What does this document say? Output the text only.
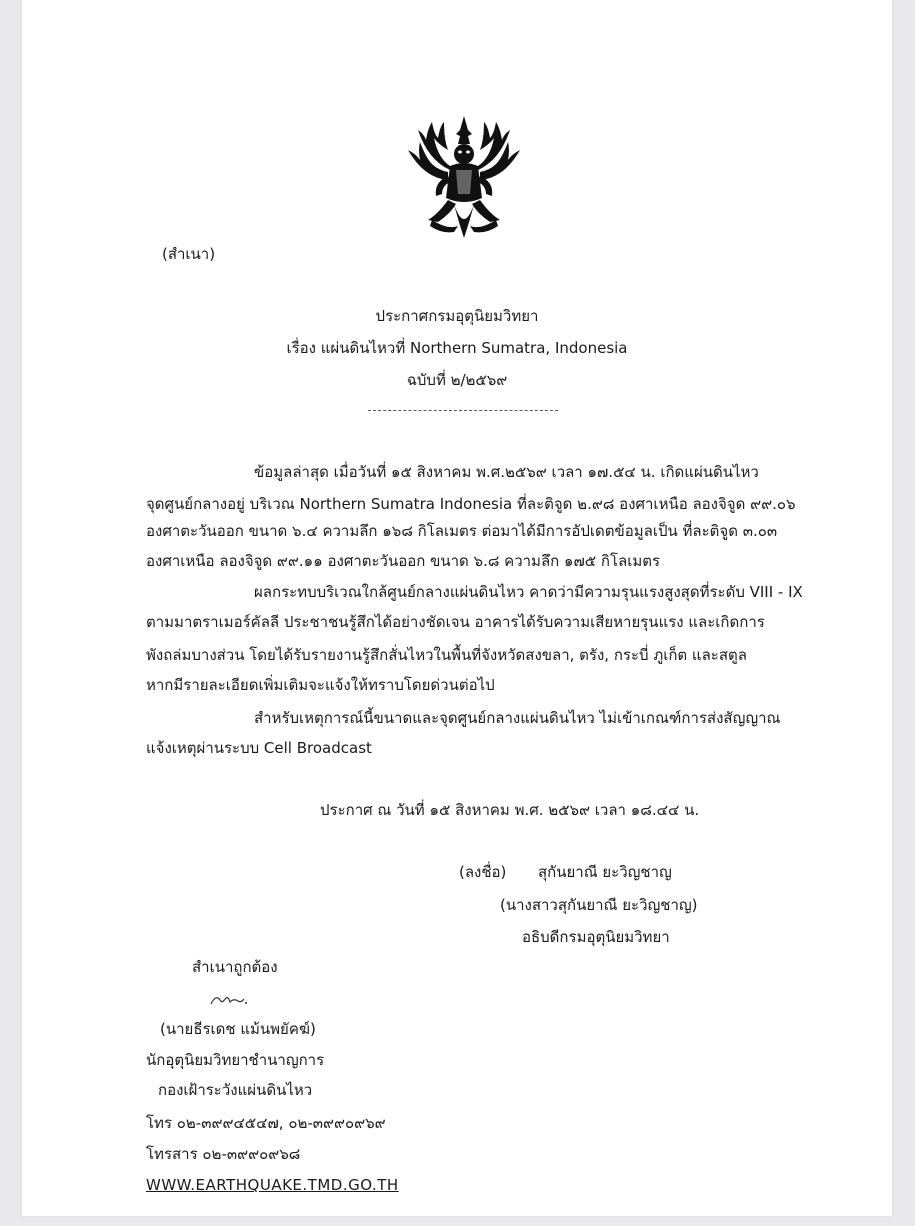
(สำเนา)
ประกาศกรมอุตุนิยมวิทยา
เรื่อง แผ่นดินไหวที่ Northern Sumatra, Indonesia
ฉบับที่ ๒/๒๕๖๙
ข้อมูลล่าสุด เมื่อวันที่ ๑๕ สิงหาคม พ.ศ.๒๕๖๙ เวลา ๑๗.๕๔ น. เกิดแผ่นดินไหว
จุดศูนย์กลางอยู่ บริเวณ Northern Sumatra Indonesia ที่ละติจูด ๒.๙๘ องศาเหนือ ลองจิจูด ๙๙.๐๖
องศาตะวันออก ขนาด ๖.๔ ความลึก ๑๖๘ กิโลเมตร ต่อมาได้มีการอัปเดตข้อมูลเป็น ที่ละติจูด ๓.๐๓
องศาเหนือ ลองจิจูด ๙๙.๑๑ องศาตะวันออก ขนาด ๖.๘ ความลึก ๑๗๕ กิโลเมตร
ผลกระทบบริเวณใกล้ศูนย์กลางแผ่นดินไหว คาดว่ามีความรุนแรงสูงสุดที่ระดับ VIII - IX
ตามมาตราเมอร์คัลลี ประชาชนรู้สึกได้อย่างชัดเจน อาคารได้รับความเสียหายรุนแรง และเกิดการ
พังถล่มบางส่วน โดยได้รับรายงานรู้สึกสั่นไหวในพื้นที่จังหวัดสงขลา, ตรัง, กระบี่ ภูเก็ต และสตูล
หากมีรายละเอียดเพิ่มเติมจะแจ้งให้ทราบโดยด่วนต่อไป
สำหรับเหตุการณ์นี้ขนาดและจุดศูนย์กลางแผ่นดินไหว ไม่เข้าเกณฑ์การส่งสัญญาณ
แจ้งเหตุผ่านระบบ Cell Broadcast
ประกาศ ณ วันที่ ๑๕ สิงหาคม พ.ศ. ๒๕๖๙ เวลา ๑๘.๔๔ น.
(ลงชื่อ) สุกันยาณี ยะวิญชาญ
(นางสาวสุกันยาณี ยะวิญชาญ)
อธิบดีกรมอุตุนิยมวิทยา
สำเนาถูกต้อง
(นายธีรเดช แม้นพยัคฆ์)
นักอุตุนิยมวิทยาชำนาญการ
กองเฝ้าระวังแผ่นดินไหว
โทร ๐๒-๓๙๙๔๕๔๗, ๐๒-๓๙๙๐๙๖๙
โทรสาร ๐๒-๓๙๙๐๙๖๘
WWW.EARTHQUAKE.TMD.GO.TH
